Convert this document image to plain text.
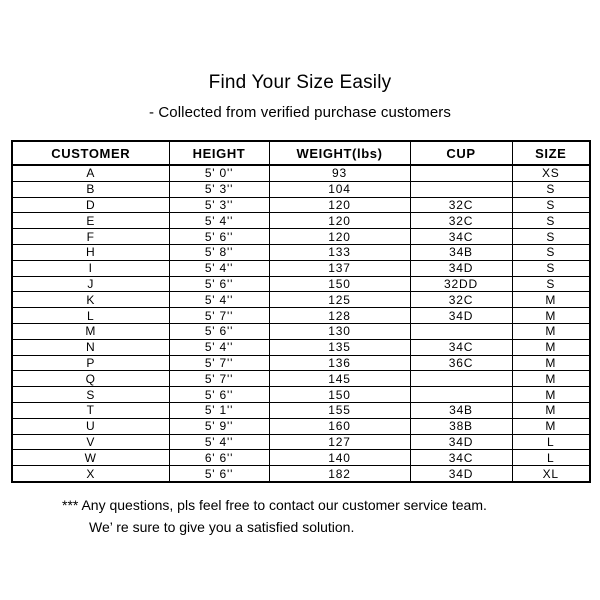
Find Your Size Easily
- Collected from verified purchase customers
CUSTOMER	HEIGHT	WEIGHT(lbs)	CUP	SIZE
A	5' 0''	93		XS
B	5' 3''	104		S
D	5' 3''	120	32C	S
E	5' 4''	120	32C	S
F	5' 6''	120	34C	S
H	5' 8''	133	34B	S
I	5' 4''	137	34D	S
J	5' 6''	150	32DD	S
K	5' 4''	125	32C	M
L	5' 7''	128	34D	M
M	5' 6''	130		M
N	5' 4''	135	34C	M
P	5' 7''	136	36C	M
Q	5' 7''	145		M
S	5' 6''	150		M
T	5' 1''	155	34B	M
U	5' 9''	160	38B	M
V	5' 4''	127	34D	L
W	6' 6''	140	34C	L
X	5' 6''	182	34D	XL
*** Any questions, pls feel free to contact our customer service team.
We’ re sure to give you a satisfied solution.
